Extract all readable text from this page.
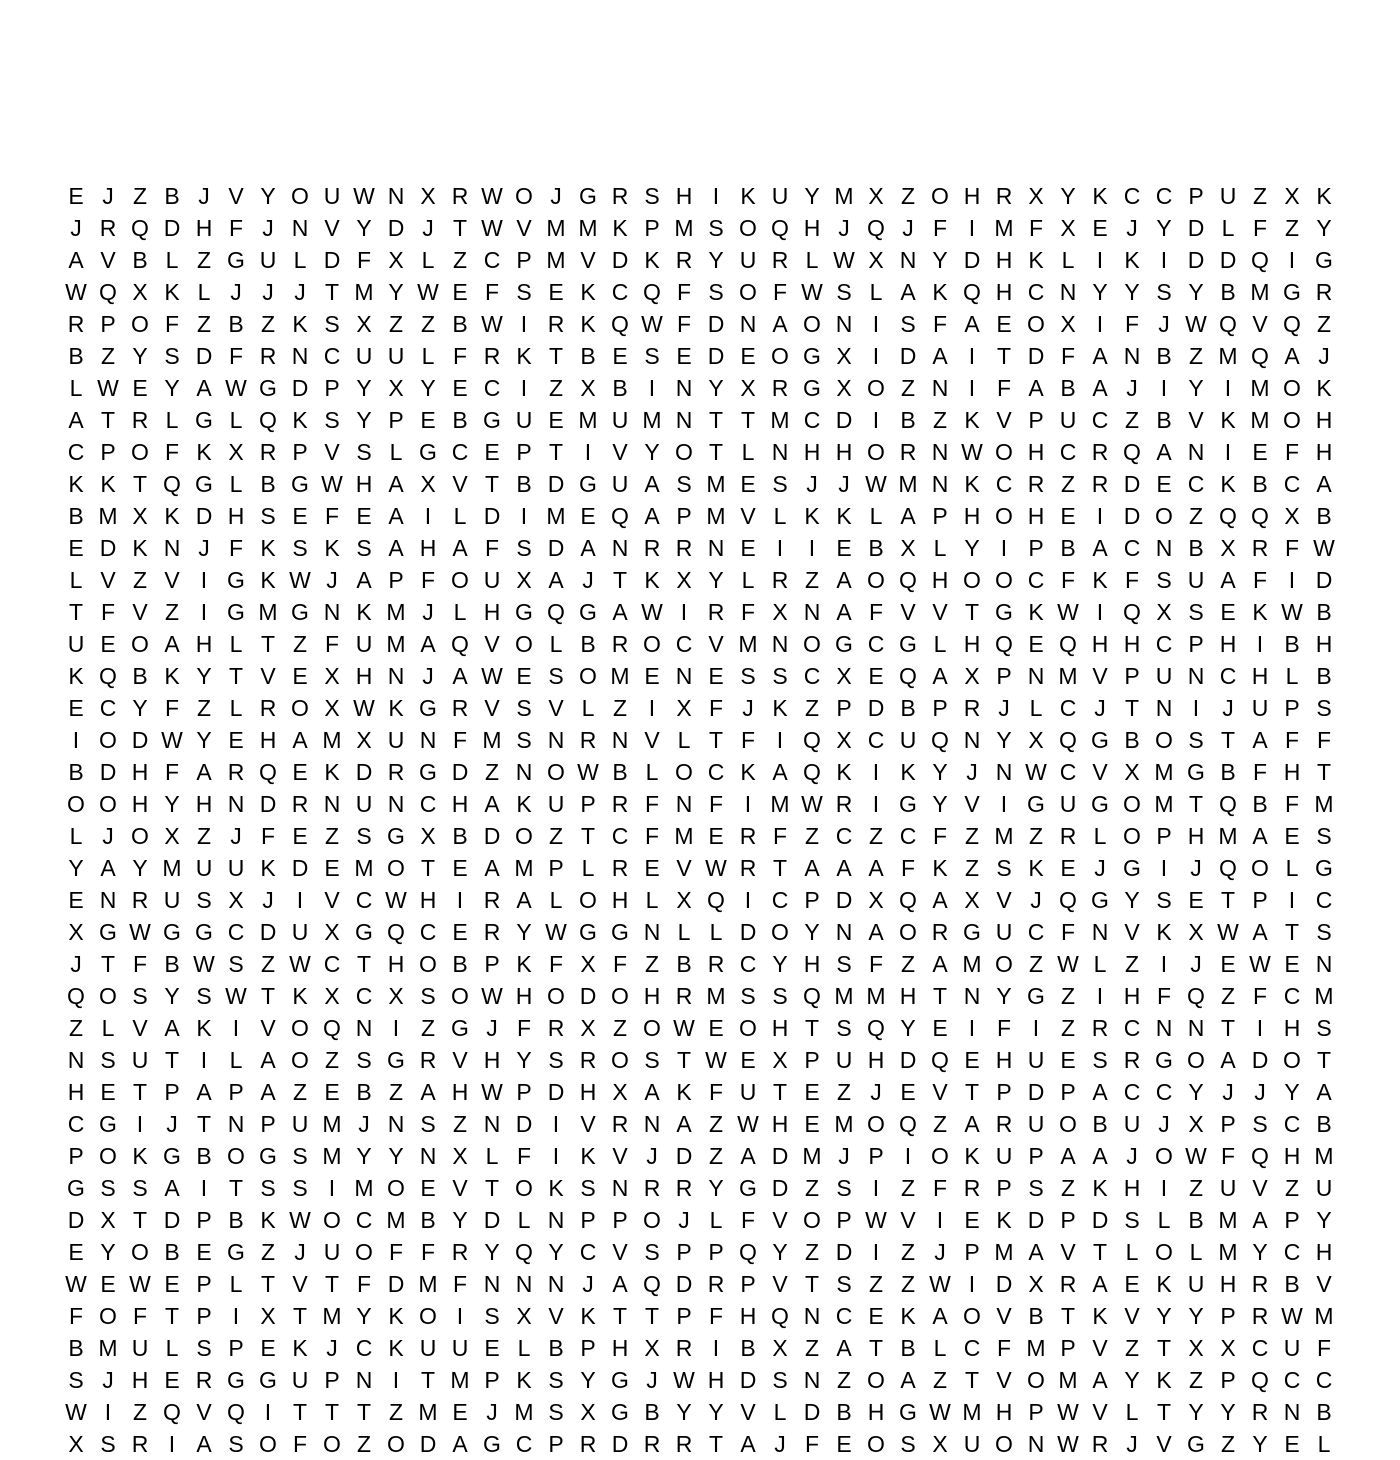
E J Z B J V Y O U W N X R W O J G R S H I K U Y M X Z O H R X Y K C C P U Z X K
J R Q D H F J N V Y D J T W V M M K P M S O Q H J Q J F I M F X E J Y D L F Z Y
A V B L Z G U L D F X L Z C P M V D K R Y U R L W X N Y D H K L I K I D D Q I G
W Q X K L J J J T M Y W E F S E K C Q F S O F W S L A K Q H C N Y Y S Y B M G R
R P O F Z B Z K S X Z Z B W I R K Q W F D N A O N I S F A E O X I F J W Q V Q Z
B Z Y S D F R N C U U L F R K T B E S E D E O G X I D A I T D F A N B Z M Q A J
L W E Y A W G D P Y X Y E C I Z X B I N Y X R G X O Z N I F A B A J	I Y I M O K
A T R L G L Q K S Y P E B G U E M U M N T T M C D I B Z K V P U C Z B V K M O H
C P O F K X R P V S L G C E P T I V Y O T L N H H O R N W O H C R Q A N I E F H
K K T Q G L B G W H A X V T B D G U A S M E S J J W M N K C R Z R D E C K B C A
B M X K D H S E F E A I L D I M E Q A P M V L K K L A P H O H E I D O Z Q Q X B
E D K N J F K S K S A H A F S D A N R R N E I	I E B X L Y I P B A C N B X R F W
L V Z V I G K W J A P F O U X A J T K X Y L R Z A O Q H O O C F K F S U A F I D
T F V Z I G M G N K M J L H G Q G A W I R F X N A F V V T G K W I Q X S E K W B
U E O A H L T Z F U M A Q V O L B R O C V M N O G C G L H Q E Q H H C P H I B H
K Q B K Y T V E X H N J A W E S O M E N E S S C X E Q A X P N M V P U N C H L B
E C Y F Z L R O X W K G R V S V L Z I X F J K Z P D B P R J L C J T N I	J U P S
I O D W Y E H A M X U N F M S N R N V L T F I Q X C U Q N Y X Q G B O S T A F F
B D H F A R Q E K D R G D Z N O W B L O C K A Q K I K Y J N W C V X M G B F H T
O O H Y H N D R N U N C H A K U P R F N F I M W R I G Y V I G U G O M T Q B F M
L J O X Z J F E Z S G X B D O Z T C F M E R F Z C Z C F Z M Z R L O P H M A E S
Y A Y M U U K D E M O T E A M P L R E V W R T A A A F K Z S K E J G I	J Q O L G
E N R U S X J	I V C W H I R A L O H L X Q I C P D X Q A X V J Q G Y S E T P I C
X G W G G C D U X G Q C E R Y W G G N L L D O Y N A O R G U C F N V K X W A T S
J T F B W S Z W C T H O B P K F X F Z B R C Y H S F Z A M O Z W L Z I	J E W E N
Q O S Y S W T K X C X S O W H O D O H R M S S Q M M H T N Y G Z I H F Q Z F C M
Z L V A K I V O Q N I Z G J F R X Z O W E O H T S Q Y E I F I Z R C N N T I H S
N S U T I L A O Z S G R V H Y S R O S T W E X P U H D Q E H U E S R G O A D O T
H E T P A P A Z E B Z A H W P D H X A K F U T E Z J E V T P D P A C C Y J J Y A
C G I	J T N P U M J N S Z N D I V R N A Z W H E M O Q Z A R U O B U J X P S C B
P O K G B O G S M Y Y N X L F I K V J D Z A D M J P I O K U P A A J O W F Q H M
G S S A I T S S I M O E V T O K S N R R Y G D Z S I Z F R P S Z K H I Z U V Z U
D X T D P B K W O C M B Y D L N P P O J L F V O P W V I E K D P D S L B M A P Y
E Y O B E G Z J U O F F R Y Q Y C V S P P Q Y Z D I Z J P M A V T L O L M Y C H
W E W E P L T V T F D M F N N N J A Q D R P V T S Z Z W I D X R A E K U H R B V
F O F T P I X T M Y K O I S X V K T T P F H Q N C E K A O V B T K V Y Y P R W M
B M U L S P E K J C K U U E L B P H X R I B X Z A T B L C F M P V Z T X X C U F
S J H E R G G U P N I T M P K S Y G J W H D S N Z O A Z T V O M A Y K Z P Q C C
W I Z Q V Q I T T T Z M E J M S X G B Y Y V L D B H G W M H P W V L T Y Y R N B
X S R I A S O F O Z O D A G C P R D R R T A J F E O S X U O N W R J V G Z Y E L
